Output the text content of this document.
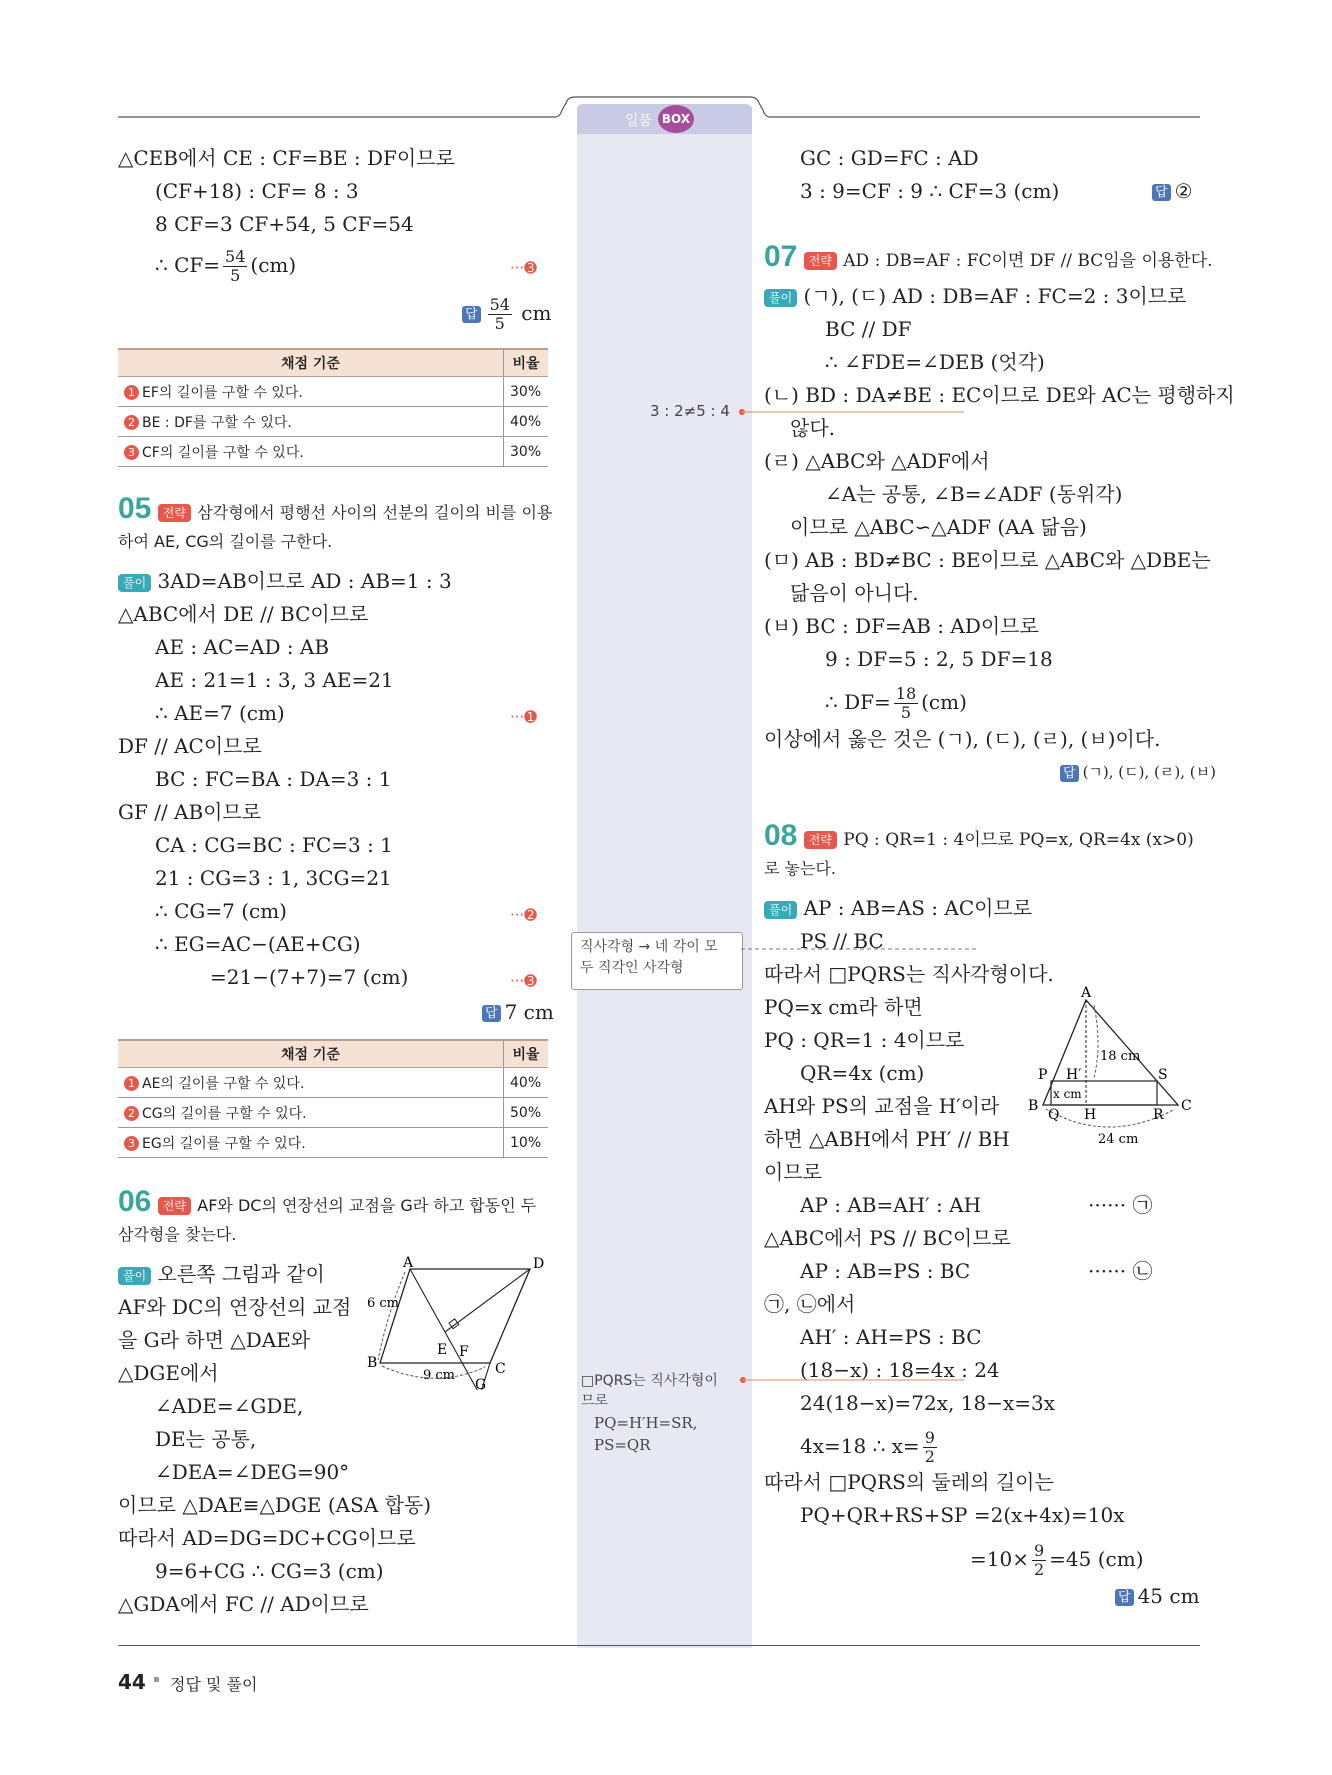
일품 BOX
△CEB에서 CE : CF=BE : DF이므로
(CF+18) : CF= 8 : 3
8 CF=3 CF+54, 5 CF=54
∴ $CF= \frac{54}{5} (cm)$	···➌
답 $\frac{54}{5}$ cm
채점 기준	비율
1 EF의 길이를 구할 수 있다.	30%
2 BE : DF를 구할 수 있다.	40%
3 CF의 길이를 구할 수 있다.	30%
05 전략 삼각형에서 평행선 사이의 선분의 길이의 비를 이용
하여 AE, CG의 길이를 구한다.
풀이 3AD=AB이므로 AD : AB=1 : 3
△ABC에서 DE // BC이므로
AE : AC=AD : AB
AE : 21=1 : 3, 3 AE=21
∴ AE=7 (cm)	···➊
DF // AC이므로
BC : FC=BA : DA=3 : 1
GF // AB이므로
CA : CG=BC : FC=3 : 1
21 : CG=3 : 1, 3CG=21
∴ CG=7 (cm)	···➋
∴ EG=AC−(AE+CG)
=21−(7+7)=7 (cm)	···➌
답 7 cm
채점 기준	비율
1 AE의 길이를 구할 수 있다.	40%
2 CG의 길이를 구할 수 있다.	50%
3 EG의 길이를 구할 수 있다.	10%
06 전략 AF와 DC의 연장선의 교점을 G라 하고 합동인 두
삼각형을 찾는다.
풀이 오른쪽 그림과 같이
AF와 DC의 연장선의 교점
을 G라 하면 △DAE와
△DGE에서
∠ADE=∠GDE,
DE는 공통,
∠DEA=∠DEG=90°
이므로 △DAE≡△DGE (ASA 합동)
따라서 AD=DG=DC+CG이므로
9=6+CG ∴ CG=3 (cm)
△GDA에서 FC // AD이므로
A	D
B	C
E F
G
6 cm
9 cm
3 : 2≠5 : 4
직사각형 → 네 각이 모
두 직각인 사각형
□PQRS는 직사각형이
므로
PQ=H′H=SR,
PS=QR
GC : GD=FC : AD
3 : 9=CF : 9 ∴ CF=3 (cm)	답 ②
07 전략 AD : DB=AF : FC이면 DF // BC임을 이용한다.
풀이 (ㄱ), (ㄷ) AD : DB=AF : FC=2 : 3이므로
BC // DF
∴ ∠FDE=∠DEB (엇각)
(ㄴ) BD : DA≠BE : EC이므로 DE와 AC는 평행하지
않다.
(ㄹ) △ABC와 △ADF에서
∠A는 공통, ∠B=∠ADF (동위각)
이므로 △ABC∽△ADF (AA 닮음)
(ㅁ) AB : BD≠BC : BE이므로 △ABC와 △DBE는
닮음이 아니다.
(ㅂ) BC : DF=AB : AD이므로
9 : DF=5 : 2, 5 DF=18
∴ $DF= \frac{18}{5} (cm)$
이상에서 옳은 것은 (ㄱ), (ㄷ), (ㄹ), (ㅂ)이다.
답 (ㄱ), (ㄷ), (ㄹ), (ㅂ)
08 전략 PQ : QR=1 : 4이므로 PQ=x, QR=4x (x>0)
로 놓는다.
풀이 AP : AB=AS : AC이므로
PS // BC
따라서 □PQRS는 직사각형이다.
PQ=x cm라 하면
PQ : QR=1 : 4이므로
QR=4x (cm)
AH와 PS의 교점을 H′이라
하면 △ABH에서 PH′ // BH
이므로
AP : AB=AH′ : AH	······ ㉠
△ABC에서 PS // BC이므로
AP : AB=PS : BC	······ ㉡
㉠, ㉡에서
AH′ : AH=PS : BC
(18−x) : 18=4x : 24
24(18−x)=72x, 18−x=3x
4x=18 ∴ $x= \frac{9}{2}$
따라서 □PQRS의 둘레의 길이는
PQ+QR+RS+SP =2(x+4x)=10x
$=10\times \frac{9}{2} =45$ (cm)
답 45 cm
A
P	S
B
Q H	R
C
H′
18 cm
x cm
24 cm
44 정답 및 풀이
